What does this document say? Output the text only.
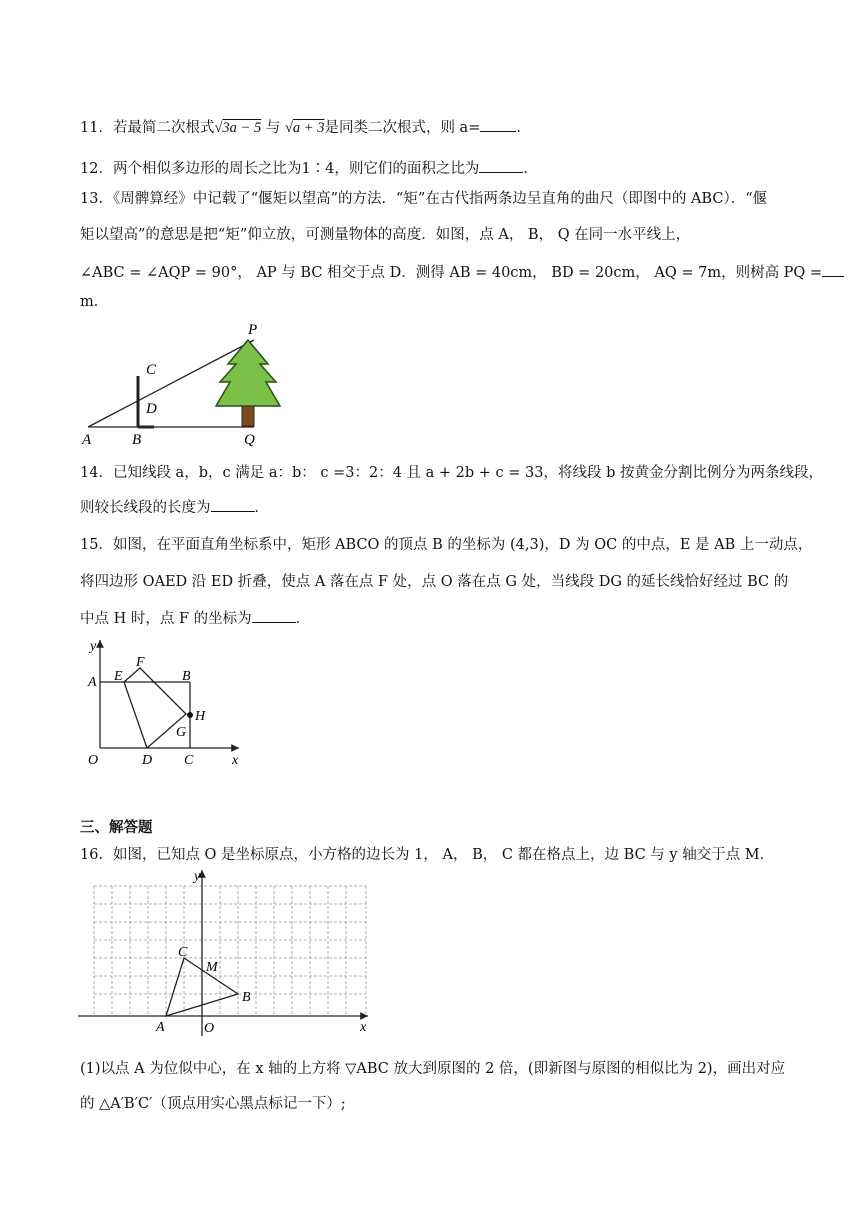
11．若最简二次根式√3a − 5 与 √a + 3是同类二次根式，则 a= ．
12．两个相似多边形的周长之比为1∶4，则它们的面积之比为	．
13．《周髀算经》中记载了“偃矩以望高”的方法．“矩”在古代指两条边呈直角的曲尺（即图中的 ABC）．“偃
矩以望高”的意思是把“矩”仰立放，可测量物体的高度．如图，点 A， B， Q 在同一水平线上，
∠ABC = ∠AQP = 90°， AP 与 BC 相交于点 D．测得 AB = 40cm， BD = 20cm， AQ = 7m，则树高 PQ =
m．
P
C
D
A	B	Q
14．已知线段 a，b，c 满足 a：b： c =3：2：4 且 a + 2b + c = 33，将线段 b 按黄金分割比例分为两条线段，
则较长线段的长度为	．
15．如图，在平面直角坐标系中，矩形 ABCO 的顶点 B 的坐标为 (4,3)，D 为 OC 的中点，E 是 AB 上一动点，
将四边形 OAED 沿 ED 折叠，使点 A 落在点 F 处，点 O 落在点 G 处，当线段 DG 的延长线恰好经过 BC 的
中点 H 时，点 F 的坐标为	．
y
F
E	B
A
H
G
O	D C	x
三、解答题
16．如图，已知点 O 是坐标原点，小方格的边长为 1， A， B， C 都在格点上，边 BC 与 y 轴交于点 M．
y
C
M
B
A	O	x
(1)以点 A 为位似中心，在 x 轴的上方将 ▽ABC 放大到原图的 2 倍，(即新图与原图的相似比为 2)，画出对应
的 △A′B′C′（顶点用实心黑点标记一下）;
